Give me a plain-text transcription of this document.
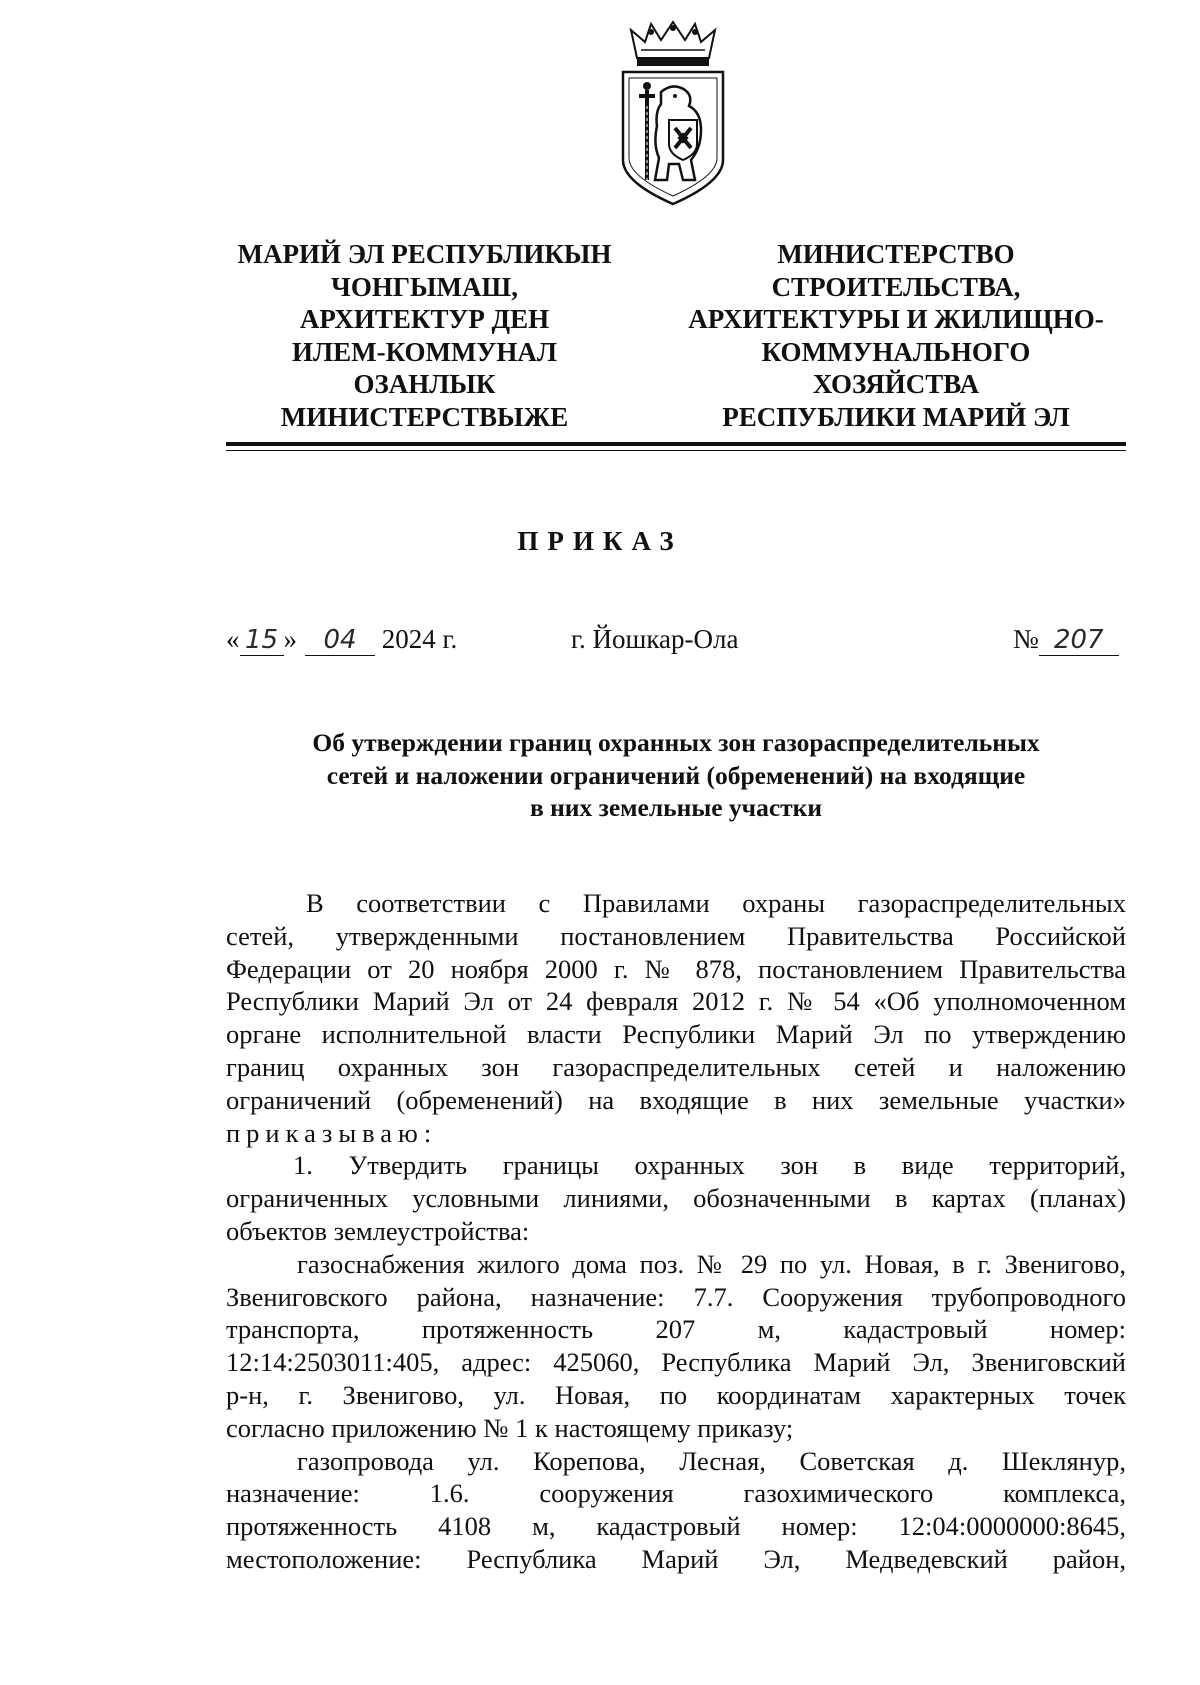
МАРИЙ ЭЛ РЕСПУБЛИКЫН
ЧОНГЫМАШ,
АРХИТЕКТУР ДЕН
ИЛЕМ-КОММУНАЛ
ОЗАНЛЫК
МИНИСТЕРСТВЫЖЕ
МИНИСТЕРСТВО
СТРОИТЕЛЬСТВА,
АРХИТЕКТУРЫ И ЖИЛИЩНО-
КОММУНАЛЬНОГО
ХОЗЯЙСТВА
РЕСПУБЛИКИ МАРИЙ ЭЛ
ПРИКАЗ
« 15 » 04 2024 г.	г. Йошкар-Ола	№ 207
Об утверждении границ охранных зон газораспределительных
сетей и наложении ограничений (обременений) на входящие
в них земельные участки
В соответствии с Правилами охраны газораспределительных
сетей, утвержденными постановлением Правительства Российской
Федерации от 20 ноября 2000 г. № 878, постановлением Правительства
Республики Марий Эл от 24 февраля 2012 г. № 54 «Об уполномоченном
органе исполнительной власти Республики Марий Эл по утверждению
границ охранных зон газораспределительных сетей и наложению
ограничений (обременений) на входящие в них земельные участки»
приказываю:
1. Утвердить границы охранных зон в виде территорий,
ограниченных условными линиями, обозначенными в картах (планах)
объектов землеустройства:
газоснабжения жилого дома поз. № 29 по ул. Новая, в г. Звенигово,
Звениговского района, назначение: 7.7. Сооружения трубопроводного
транспорта, протяженность 207 м, кадастровый номер:
12:14:2503011:405, адрес: 425060, Республика Марий Эл, Звениговский
р-н, г. Звенигово, ул. Новая, по координатам характерных точек
согласно приложению № 1 к настоящему приказу;
газопровода ул. Корепова, Лесная, Советская д. Шеклянур,
назначение: 1.6. сооружения газохимического комплекса,
протяженность 4108 м, кадастровый номер: 12:04:0000000:8645,
местоположение: Республика Марий Эл, Медведевский район,
